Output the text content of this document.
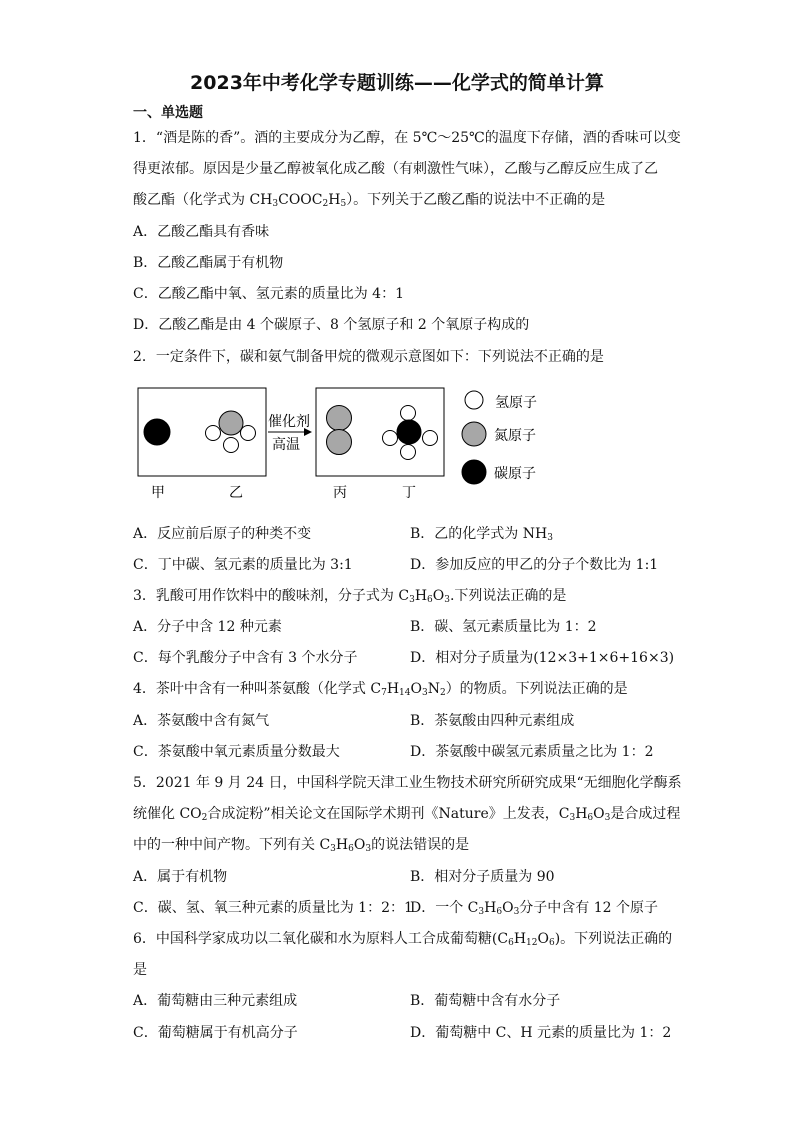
2023年中考化学专题训练——化学式的简单计算
一、单选题
1．“酒是陈的香”。酒的主要成分为乙醇，在 5℃～25℃的温度下存储，酒的香味可以变
得更浓郁。原因是少量乙醇被氧化成乙酸（有刺激性气味），乙酸与乙醇反应生成了乙
酸乙酯（化学式为 $CH_3COOC_2H_5$）。下列关于乙酸乙酯的说法中不正确的是
A．乙酸乙酯具有香味
B．乙酸乙酯属于有机物
C．乙酸乙酯中氧、氢元素的质量比为 4：1
D．乙酸乙酯是由 4 个碳原子、8 个氢原子和 2 个氧原子构成的
2．一定条件下，碳和氨气制备甲烷的微观示意图如下：下列说法不正确的是
催化剂
高温
甲	乙	丙	丁
氢原子
氮原子
碳原子
A．反应前后原子的种类不变	B．乙的化学式为 $NH_3$
C．丁中碳、氢元素的质量比为 3:1	D．参加反应的甲乙的分子个数比为 1:1
3．乳酸可用作饮料中的酸味剂，分子式为 $C_3H_6O_3$.下列说法正确的是
A．分子中含 12 种元素	B．碳、氢元素质量比为 1：2
C．每个乳酸分子中含有 3 个水分子	D．相对分子质量为(12×3+1×6+16×3)
4．茶叶中含有一种叫茶氨酸（化学式 $C_7H_{14}O_3N_2$）的物质。下列说法正确的是
A．茶氨酸中含有氮气	B．茶氨酸由四种元素组成
C．茶氨酸中氧元素质量分数最大	D．茶氨酸中碳氢元素质量之比为 1：2
5．2021 年 9 月 24 日，中国科学院天津工业生物技术研究所研究成果“无细胞化学酶系
统催化 $CO_2$合成淀粉”相关论文在国际学术期刊《Nature》上发表，$C_3H_6O_3$是合成过程
中的一种中间产物。下列有关 $C_3H_6O_3$的说法错误的是
A．属于有机物	B．相对分子质量为 90
C．碳、氢、氧三种元素的质量比为 1：2：1
D．一个 $C_3H_6O_3$分子中含有 12 个原子
6．中国科学家成功以二氧化碳和水为原料人工合成葡萄糖$(C_6H_{12}O_6)$。下列说法正确的
是
A．葡萄糖由三种元素组成	B．葡萄糖中含有水分子
C．葡萄糖属于有机高分子	D．葡萄糖中 C、H 元素的质量比为 1：2
